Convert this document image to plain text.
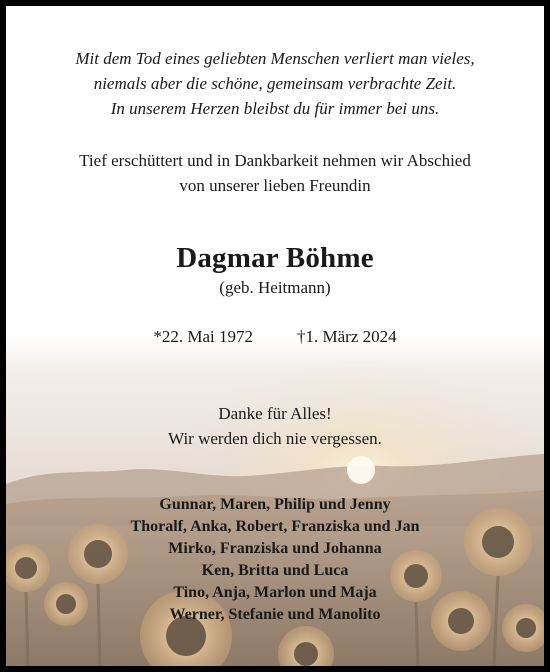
Mit dem Tod eines geliebten Menschen verliert man vieles,
niemals aber die schöne, gemeinsam verbrachte Zeit.
In unserem Herzen bleibst du für immer bei uns.
Tief erschüttert und in Dankbarkeit nehmen wir Abschied
von unserer lieben Freundin
Dagmar Böhme
(geb. Heitmann)
*22. Mai 1972	†1. März 2024
Danke für Alles!
Wir werden dich nie vergessen.
Gunnar, Maren, Philip und Jenny
Thoralf, Anka, Robert, Franziska und Jan
Mirko, Franziska und Johanna
Ken, Britta und Luca
Tino, Anja, Marlon und Maja
Werner, Stefanie und Manolito
